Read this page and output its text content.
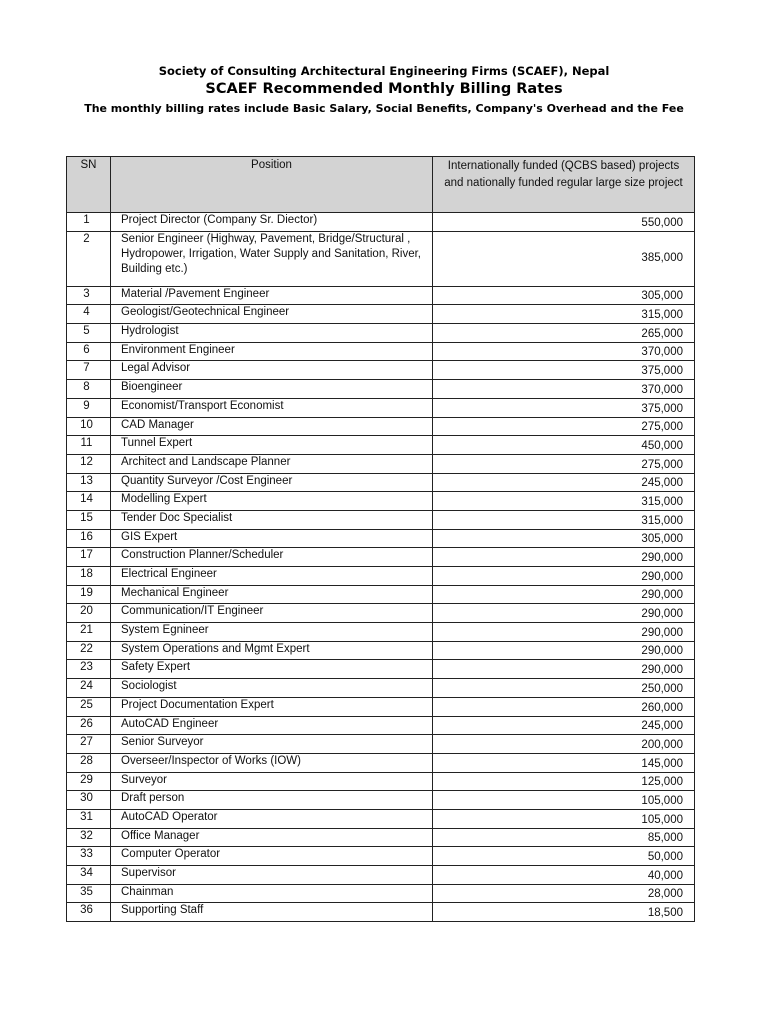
Society of Consulting Architectural Engineering Firms (SCAEF), Nepal
SCAEF Recommended Monthly Billing Rates
The monthly billing rates include Basic Salary, Social Benefits, Company's Overhead and the Fee
SN	Position	Internationally funded (QCBS based) projects
and nationally funded regular large size project

1	Project Director (Company Sr. Diector)	550,000
2	Senior Engineer (Highway, Pavement, Bridge/Structural , Hydropower, Irrigation, Water Supply and Sanitation, River, Building etc.)	385,000
3	Material /Pavement Engineer	305,000
4	Geologist/Geotechnical Engineer	315,000
5	Hydrologist	265,000
6	Environment Engineer	370,000
7	Legal Advisor	375,000
8	Bioengineer	370,000
9	Economist/Transport Economist	375,000
10	CAD Manager	275,000
11	Tunnel Expert	450,000
12	Architect and Landscape Planner	275,000
13	Quantity Surveyor /Cost Engineer	245,000
14	Modelling Expert	315,000
15	Tender Doc Specialist	315,000
16	GIS Expert	305,000
17	Construction Planner/Scheduler	290,000
18	Electrical Engineer	290,000
19	Mechanical Engineer	290,000
20	Communication/IT Engineer	290,000
21	System Egnineer	290,000
22	System Operations and Mgmt Expert	290,000
23	Safety Expert	290,000
24	Sociologist	250,000
25	Project Documentation Expert	260,000
26	AutoCAD Engineer	245,000
27	Senior Surveyor	200,000
28	Overseer/Inspector of Works (IOW)	145,000
29	Surveyor	125,000
30	Draft person	105,000
31	AutoCAD Operator	105,000
32	Office Manager	85,000
33	Computer Operator	50,000
34	Supervisor	40,000
35	Chainman	28,000
36	Supporting Staff	18,500
